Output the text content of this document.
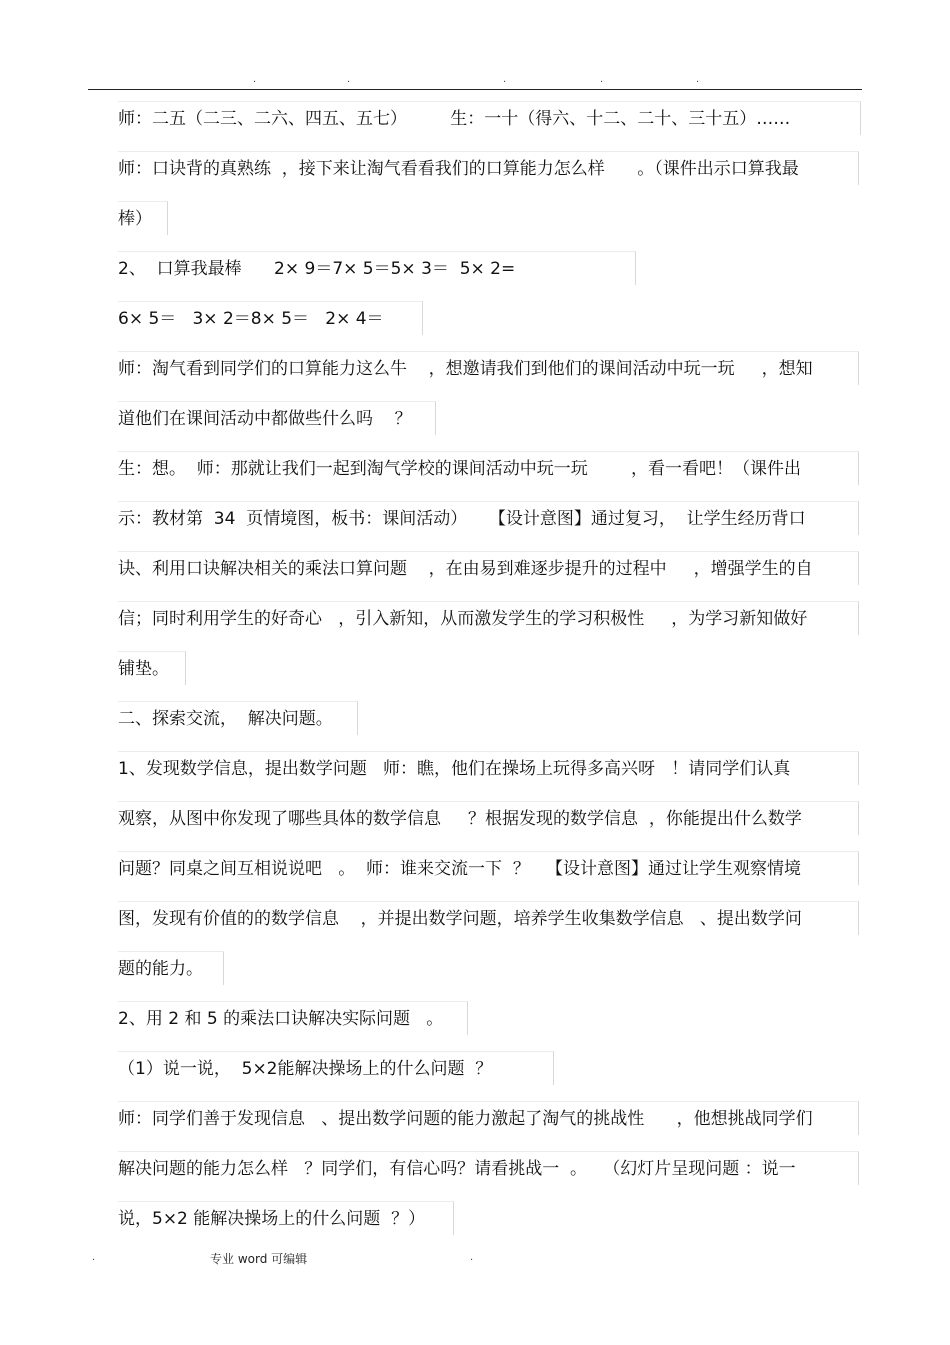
.	.	.	.	.
师：二五（二三、二六、四五、五七）        生：一十（得六、十二、二十、三十五）……
师：口诀背的真熟练  ，接下来让淘气看看我们的口算能力怎么样      。（课件出示口算我最
棒）
2、  口算我最棒      2× 9＝7× 5＝5× 3＝  5× 2=
6× 5＝   3× 2＝8× 5＝   2× 4＝
师：淘气看到同学们的口算能力这么牛    ，想邀请我们到他们的课间活动中玩一玩     ，想知
道他们在课间活动中都做些什么吗    ？
生：想。  师：那就让我们一起到淘气学校的课间活动中玩一玩        ，看一看吧！（课件出
示：教材第  34  页情境图，板书：课间活动）    【设计意图】通过复习，  让学生经历背口
诀、利用口诀解决相关的乘法口算问题    ，在由易到难逐步提升的过程中     ，增强学生的自
信；同时利用学生的好奇心   ，引入新知，从而激发学生的学习积极性     ，为学习新知做好
铺垫。
二、探索交流，  解决问题。
1、发现数学信息，提出数学问题   师：瞧，他们在操场上玩得多高兴呀   ！请同学们认真
观察，从图中你发现了哪些具体的数学信息     ？根据发现的数学信息  ，你能提出什么数学
问题？同桌之间互相说说吧   。  师：谁来交流一下  ？   【设计意图】通过让学生观察情境
图，发现有价值的的数学信息    ，并提出数学问题，培养学生收集数学信息   、提出数学问
题的能力。
2、用 2 和 5 的乘法口诀解决实际问题   。
（1）说一说，  5×2能解决操场上的什么问题  ？
师：同学们善于发现信息   、提出数学问题的能力激起了淘气的挑战性      ，他想挑战同学们
解决问题的能力怎么样   ？同学们，有信心吗？请看挑战一  。   （幻灯片呈现问题 ：说一
说，5×2 能解决操场上的什么问题  ？）
.	专业 word 可编辑	.
